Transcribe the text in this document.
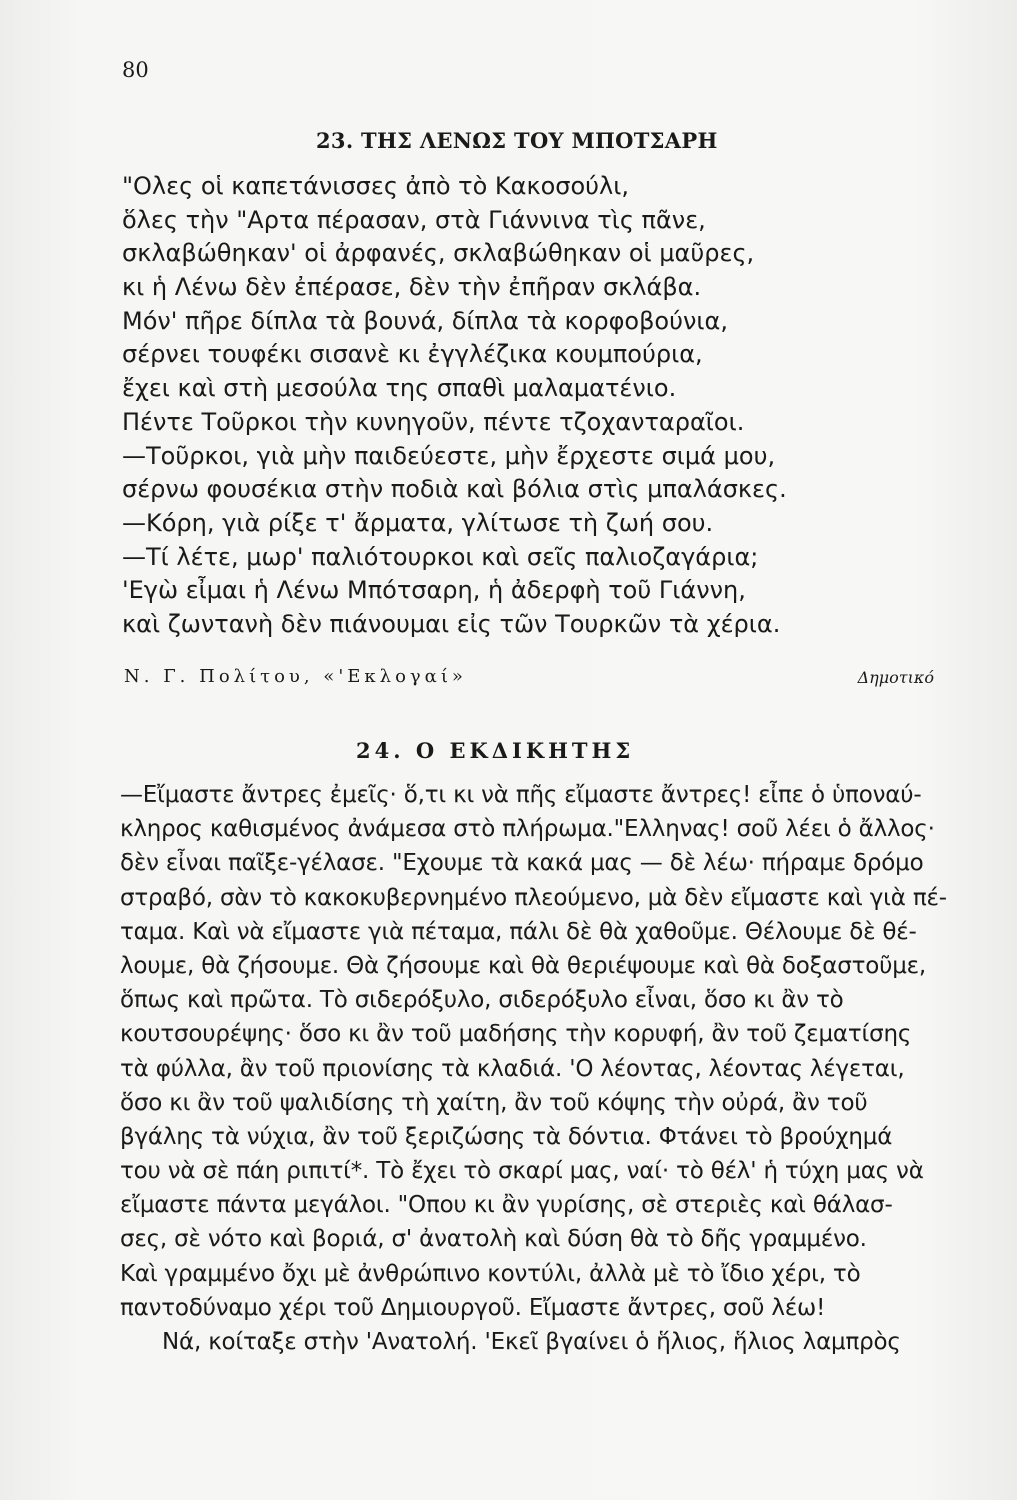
80
23. ΤΗΣ ΛΕΝΩΣ ΤΟΥ ΜΠΟΤΣΑΡΗ
"Ολες οἱ καπετάνισσες ἀπὸ τὸ Κακοσούλι,
ὅλες τὴν "Αρτα πέρασαν, στὰ Γιάννινα τὶς πᾶνε,
σκλαβώθηκαν' οἱ ἀρφανές, σκλαβώθηκαν οἱ μαῦρες,
κι ἡ Λένω δὲν ἐπέρασε, δὲν τὴν ἐπῆραν σκλάβα.
Μόν' πῆρε δίπλα τὰ βουνά, δίπλα τὰ κορφοβούνια,
σέρνει τουφέκι σισανὲ κι ἐγγλέζικα κουμπούρια,
ἔχει καὶ στὴ μεσούλα της σπαθὶ μαλαματένιο.
Πέντε Τοῦρκοι τὴν κυνηγοῦν, πέντε τζοχανταραῖοι.
—Τοῦρκοι, γιὰ μὴν παιδεύεστε, μὴν ἔρχεστε σιμά μου,
σέρνω φουσέκια στὴν ποδιὰ καὶ βόλια στὶς μπαλάσκες.
—Κόρη, γιὰ ρίξε τ' ἄρματα, γλίτωσε τὴ ζωή σου.
—Τί λέτε, μωρ' παλιότουρκοι καὶ σεῖς παλιοζαγάρια;
'Εγὼ εἶμαι ἡ Λένω Μπότσαρη, ἡ ἀδερφὴ τοῦ Γιάννη,
καὶ ζωντανὴ δὲν πιάνουμαι εἰς τῶν Τουρκῶν τὰ χέρια.
Ν. Γ. Πολίτου, «'Εκλογαί»	Δημοτικό
24. Ο ΕΚΔΙΚΗΤΗΣ
—Εἴμαστε ἄντρες ἐμεῖς· ὅ,τι κι νὰ πῆς εἴμαστε ἄντρες! εἶπε ὁ ὑποναύ-
κληρος καθισμένος ἀνάμεσα στὸ πλήρωμα."Ελληνας! σοῦ λέει ὁ ἄλλος·
δὲν εἶναι παῖξε-γέλασε. "Εχουμε τὰ κακά μας — δὲ λέω· πήραμε δρόμο
στραβό, σὰν τὸ κακοκυβερνημένο πλεούμενο, μὰ δὲν εἴμαστε καὶ γιὰ πέ-
ταμα. Καὶ νὰ εἴμαστε γιὰ πέταμα, πάλι δὲ θὰ χαθοῦμε. Θέλουμε δὲ θέ-
λουμε, θὰ ζήσουμε. Θὰ ζήσουμε καὶ θὰ θεριέψουμε καὶ θὰ δοξαστοῦμε,
ὅπως καὶ πρῶτα. Τὸ σιδερόξυλο, σιδερόξυλο εἶναι, ὅσο κι ἂν τὸ
κουτσουρέψης· ὅσο κι ἂν τοῦ μαδήσης τὴν κορυφή, ἂν τοῦ ζεματίσης
τὰ φύλλα, ἂν τοῦ πριονίσης τὰ κλαδιά. 'Ο λέοντας, λέοντας λέγεται,
ὅσο κι ἂν τοῦ ψαλιδίσης τὴ χαίτη, ἂν τοῦ κόψης τὴν οὐρά, ἂν τοῦ
βγάλης τὰ νύχια, ἂν τοῦ ξεριζώσης τὰ δόντια. Φτάνει τὸ βρούχημά
του νὰ σὲ πάη ριπιτί*. Τὸ ἔχει τὸ σκαρί μας, ναί· τὸ θέλ' ἡ τύχη μας νὰ
εἴμαστε πάντα μεγάλοι. "Οπου κι ἂν γυρίσης, σὲ στεριὲς καὶ θάλασ-
σες, σὲ νότο καὶ βοριά, σ' ἀνατολὴ καὶ δύση θὰ τὸ δῆς γραμμένο.
Καὶ γραμμένο ὄχι μὲ ἀνθρώπινο κοντύλι, ἀλλὰ μὲ τὸ ἴδιο χέρι, τὸ
παντοδύναμο χέρι τοῦ Δημιουργοῦ. Εἴμαστε ἄντρες, σοῦ λέω!
Νά, κοίταξε στὴν 'Ανατολή. 'Εκεῖ βγαίνει ὁ ἥλιος, ἥλιος λαμπρὸς
